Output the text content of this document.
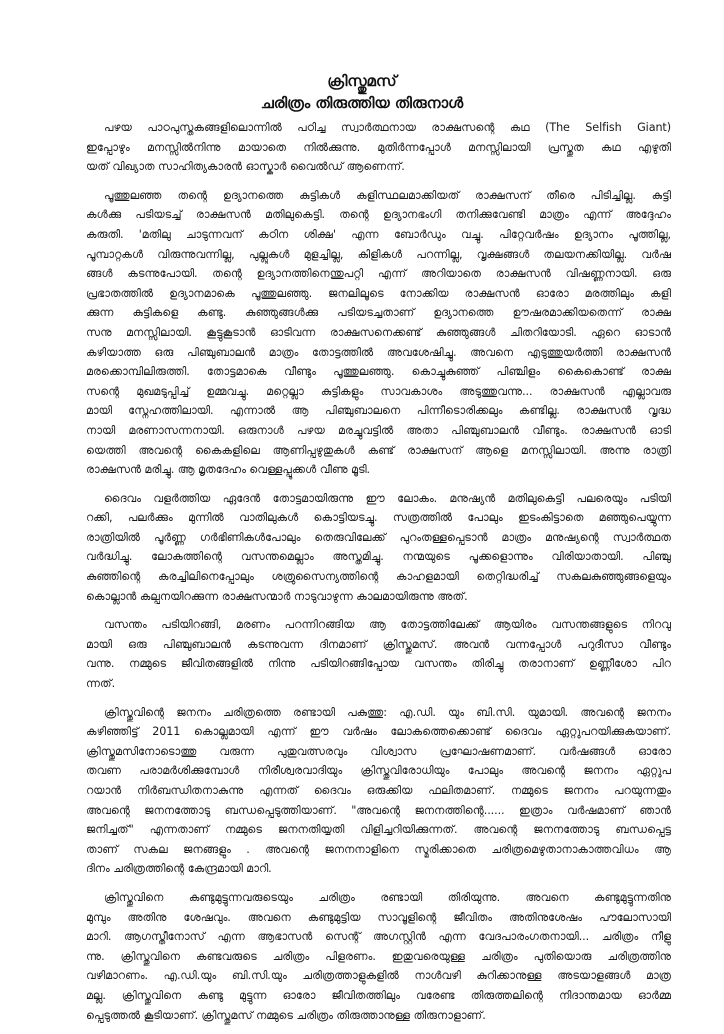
ക്രിസ്തുമസ്
ചരിത്രം തിരുത്തിയ തിരുനാൾ
പഴയ പാഠപുസ്തകങ്ങളിലൊന്നിൽ പഠിച്ച സ്വാർത്ഥനായ രാക്ഷസന്റെ കഥ (The Selfish Giant)
ഇപ്പോഴും മനസ്സിൽനിന്നു മായാതെ നിൽക്കുന്നു. മുതിർന്നപ്പോൾ മനസ്സിലായി പ്രസ്തുത കഥ എഴുതി
യത് വിഖ്യാത സാഹിത്യകാരൻ ഓസ്കാർ വൈൽഡ് ആണെന്ന്.
പൂത്തുലഞ്ഞ തന്റെ ഉദ്യാനത്തെ കുട്ടികൾ കളിസ്ഥലമാക്കിയത് രാക്ഷസന് തീരെ പിടിച്ചില്ല. കുട്ടി
കൾക്കു പടിയടച്ച് രാക്ഷസൻ മതിലുകെട്ടി. തന്റെ ഉദ്യാനഭംഗി തനിക്കുവേണ്ടി മാത്രം എന്ന് അദ്ദേഹം
കരുതി. 'മതിലു ചാടുന്നവന് കഠിന ശിക്ഷ' എന്ന ബോർഡും വച്ചു. പിറ്റേവർഷം ഉദ്യാനം പൂത്തില്ല,
പൂമ്പാറ്റകൾ വിരുന്നുവന്നില്ല, പുല്ലുകൾ മുളച്ചില്ല, കിളികൾ പറന്നില്ല, വൃക്ഷങ്ങൾ തലയനക്കിയില്ല. വർഷ
ങ്ങൾ കടന്നുപോയി. തന്റെ ഉദ്യാനത്തിനെന്തുപറ്റി എന്ന് അറിയാതെ രാക്ഷസൻ വിഷണ്ണനായി. ഒരു
പ്രഭാതത്തിൽ ഉദ്യാനമാകെ പൂത്തുലഞ്ഞു. ജനലിലൂടെ നോക്കിയ രാക്ഷസൻ ഓരോ മരത്തിലും കളി
ക്കുന്ന കുട്ടികളെ കണ്ടു. കുഞ്ഞുങ്ങൾക്കു പടിയടച്ചതാണ് ഉദ്യാനത്തെ ഊഷരമാക്കിയതെന്ന് രാക്ഷ
സനു മനസ്സിലായി. കൂട്ടുകൂടാൻ ഓടിവന്ന രാക്ഷസനെക്കണ്ട് കുഞ്ഞുങ്ങൾ ചിതറിയോടി. ഏറെ ഓടാൻ
കഴിയാത്ത ഒരു പിഞ്ചുബാലൻ മാത്രം തോട്ടത്തിൽ അവശേഷിച്ചു. അവനെ എടുത്തുയർത്തി രാക്ഷസൻ
മരക്കൊമ്പിലിരുത്തി. തോട്ടമാകെ വീണ്ടും പൂത്തുലഞ്ഞു. കൊച്ചുകുഞ്ഞ് പിഞ്ചിളം കൈകൊണ്ട് രാക്ഷ
സന്റെ മുഖമടുപ്പിച്ച് ഉമ്മവച്ചു. മറ്റെല്ലാ കുട്ടികളും സാവകാശം അടുത്തുവന്നു... രാക്ഷസൻ എല്ലാവരു
മായി സ്നേഹത്തിലായി. എന്നാൽ ആ പിഞ്ചുബാലനെ പിന്നീടൊരിക്കലും കണ്ടില്ല. രാക്ഷസൻ വൃദ്ധ
നായി മരണാസന്നനായി. ഒരുനാൾ പഴയ മരച്ചുവട്ടിൽ അതാ പിഞ്ചുബാലൻ വീണ്ടും. രാക്ഷസൻ ഓടി
യെത്തി അവന്റെ കൈകളിലെ ആണിപ്പഴുതുകൾ കണ്ട് രാക്ഷസന് ആളെ മനസ്സിലായി. അന്നു രാത്രി
രാക്ഷസൻ മരിച്ചു. ആ മൃതദേഹം വെള്ളപ്പൂക്കൾ വീണു മൂടി.
ദൈവം വളർത്തിയ ഏദേൻ തോട്ടമായിരുന്നു ഈ ലോകം. മനുഷ്യൻ മതിലുകെട്ടി പലരെയും പടിയി
റക്കി, പലർക്കും മുന്നിൽ വാതിലുകൾ കൊട്ടിയടച്ചു. സത്രത്തിൽ പോലും ഇടംകിട്ടാതെ മഞ്ഞുപെയ്യുന്ന
രാത്രിയിൽ പൂർണ്ണ ഗർഭിണികൾപോലും തെരുവിലേക്ക് പുറംതള്ളപ്പെടാൻ മാത്രം മനുഷ്യന്റെ സ്വാർത്ഥത
വർദ്ധിച്ചു. ലോകത്തിന്റെ വസന്തമെല്ലാം അസ്തമിച്ചു. നന്മയുടെ പൂക്കളൊന്നും വിരിയാതായി. പിഞ്ചു
കുഞ്ഞിന്റെ കരച്ചിലിനെപ്പോലും ശത്രുസൈന്യത്തിന്റെ കാഹളമായി തെറ്റിദ്ധരിച്ച് സകലകുഞ്ഞുങ്ങളെയും
കൊല്ലാൻ കല്പനയിറക്കുന്ന രാക്ഷസന്മാർ നാടുവാഴുന്ന കാലമായിരുന്നു അത്.
വസന്തം പടിയിറങ്ങി, മരണം പറന്നിറങ്ങിയ ആ തോട്ടത്തിലേക്ക് ആയിരം വസന്തങ്ങളുടെ നിറവു
മായി ഒരു പിഞ്ചുബാലൻ കടന്നുവന്ന ദിനമാണ് ക്രിസ്തുമസ്. അവൻ വന്നപ്പോൾ പറുദീസാ വീണ്ടും
വന്നു. നമ്മുടെ ജീവിതങ്ങളിൽ നിന്നു പടിയിറങ്ങിപ്പോയ വസന്തം തിരിച്ചു തരാനാണ് ഉണ്ണീശോ പിറ
ന്നത്.
ക്രിസ്തുവിന്റെ ജനനം ചരിത്രത്തെ രണ്ടായി പകുത്തു: എ.ഡി. യും ബി.സി. യുമായി. അവന്റെ ജനനം
കഴിഞ്ഞിട്ട് 2011 കൊല്ലമായി എന്ന് ഈ വർഷം ലോകത്തെക്കൊണ്ട് ദൈവം ഏറ്റുപറയിക്കുകയാണ്.
ക്രിസ്തുമസിനോടൊത്തു വരുന്ന പുതുവത്സരവും വിശ്വാസ പ്രഘോഷണമാണ്. വർഷങ്ങൾ ഓരോ
തവണ പരാമർശിക്കുമ്പോൾ നിരീശ്വരവാദിയും ക്രിസ്തുവിരോധിയും പോലും അവന്റെ ജനനം ഏറ്റുപ
റയാൻ നിർബന്ധിതനാകുന്നു എന്നത് ദൈവം ഒരുക്കിയ ഫലിതമാണ്. നമ്മുടെ ജനനം പറയുന്നതും
അവന്റെ ജനനത്തോടു ബന്ധപ്പെടുത്തിയാണ്. "അവന്റെ ജനനത്തിന്റെ...... ഇത്രാം വർഷമാണ് ഞാൻ
ജനിച്ചത്" എന്നതാണ് നമ്മുടെ ജനനതിയ്യതി വിളിച്ചറിയിക്കുന്നത്. അവന്റെ ജനനത്തോടു ബന്ധപ്പെട്ട
താണ് സകല ജനങ്ങളും . അവന്റെ ജനനനാളിനെ സ്മരിക്കാതെ ചരിത്രമെഴുതാനാകാത്തവിധം ആ
ദിനം ചരിത്രത്തിന്റെ കേന്ദ്രമായി മാറി.
ക്രിസ്തുവിനെ കണ്ടുമുട്ടുന്നവരുടെയും ചരിത്രം രണ്ടായി തിരിയുന്നു. അവനെ കണ്ടുമുട്ടുന്നതിനു
മുമ്പും അതിനു ശേഷവും. അവനെ കണ്ടുമുട്ടിയ സാവൂളിന്റെ ജീവിതം അതിനുശേഷം പൗലോസായി
മാറി. ആഗസ്തീനോസ് എന്ന ആഭാസൻ സെന്റ് അഗസ്റ്റിൻ എന്ന വേദപാരംഗതനായി... ചരിത്രം നീളു
ന്നു. ക്രിസ്തുവിനെ കണ്ടവരുടെ ചരിത്രം പിളരണം. ഇതുവരെയുള്ള ചരിത്രം പുതിയൊരു ചരിത്രത്തിനു
വഴിമാറണം. എ.ഡി.യും ബി.സി.യും ചരിത്രത്താളുകളിൽ നാൾവഴി കുറിക്കാനുള്ള അടയാളങ്ങൾ മാത്ര
മല്ല. ക്രിസ്തുവിനെ കണ്ടു മുട്ടുന്ന ഓരോ ജീവിതത്തിലും വരേണ്ട തിരുത്തലിന്റെ നിദാന്തമായ ഓർമ്മ
പ്പെടുത്തൽ കൂടിയാണ്. ക്രിസ്തുമസ് നമ്മുടെ ചരിത്രം തിരുത്താനുള്ള തിരുനാളാണ്.
